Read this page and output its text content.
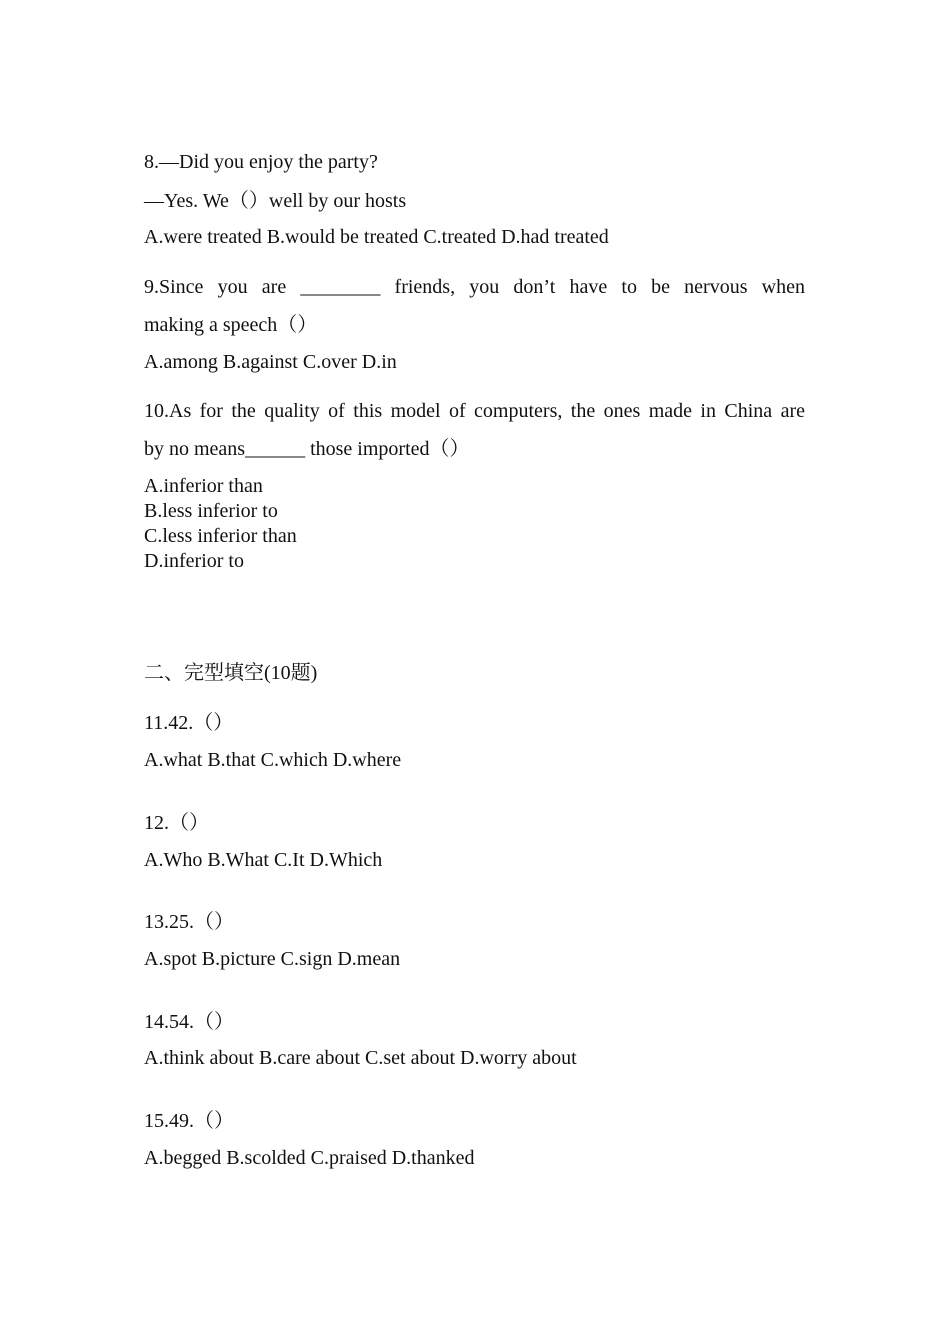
8.—Did you enjoy the party?
—Yes. We（）well by our hosts
A.were treated B.would be treated C.treated D.had treated
9.Since you are ________ friends, you don’t have to be nervous when
making a speech（）
A.among B.against C.over D.in
10.As for the quality of this model of computers, the ones made in China are
by no means______ those imported（）
A.inferior than
B.less inferior to
C.less inferior than
D.inferior to
二、完型填空(10题)
11.42.（）
A.what B.that C.which D.where
12.（）
A.Who B.What C.It D.Which
13.25.（）
A.spot B.picture C.sign D.mean
14.54.（）
A.think about B.care about C.set about D.worry about
15.49.（）
A.begged B.scolded C.praised D.thanked
